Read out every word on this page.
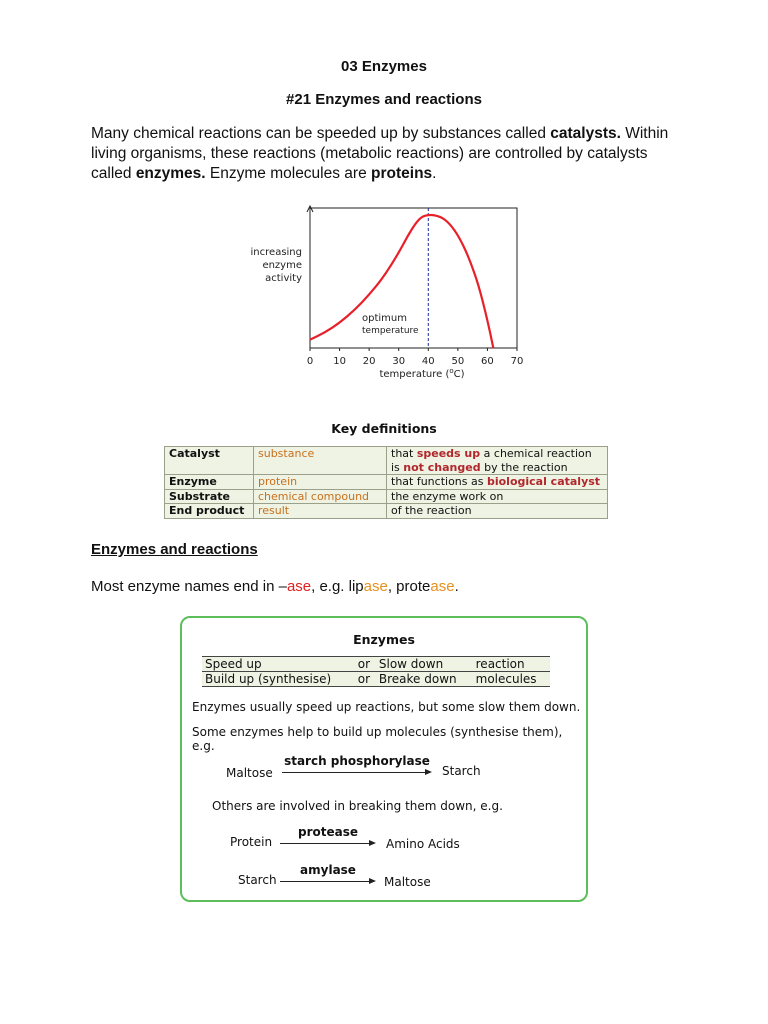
03 Enzymes
#21 Enzymes and reactions
Many chemical reactions can be speeded up by substances called catalysts. Within living organisms, these reactions (metabolic reactions) are controlled by catalysts called enzymes. Enzyme molecules are proteins.
0 10 20 30 40 50 60 70
increasing
enzyme
activity
optimum
temperature
temperature ($^o$C)
Key definitions
Catalyst	substance	that speeds up a chemical reaction
is not changed by the reaction

Enzyme	protein	that functions as biological catalyst
Substrate	chemical compound	the enzyme work on
End product	result	of the reaction
Enzymes and reactions
Most enzyme names end in –ase, e.g. lipase, protease.
Enzymes
Speed up	or	Slow down	reaction
Build up (synthesise)	or	Breake down	molecules
Enzymes usually speed up reactions, but some slow them down.
Some enzymes help to build up molecules (synthesise them), e.g.
starch phosphorylase
Maltose	Starch
Others are involved in breaking them down, e.g.
protease
Protein	Amino Acids
amylase
Starch	Maltose
